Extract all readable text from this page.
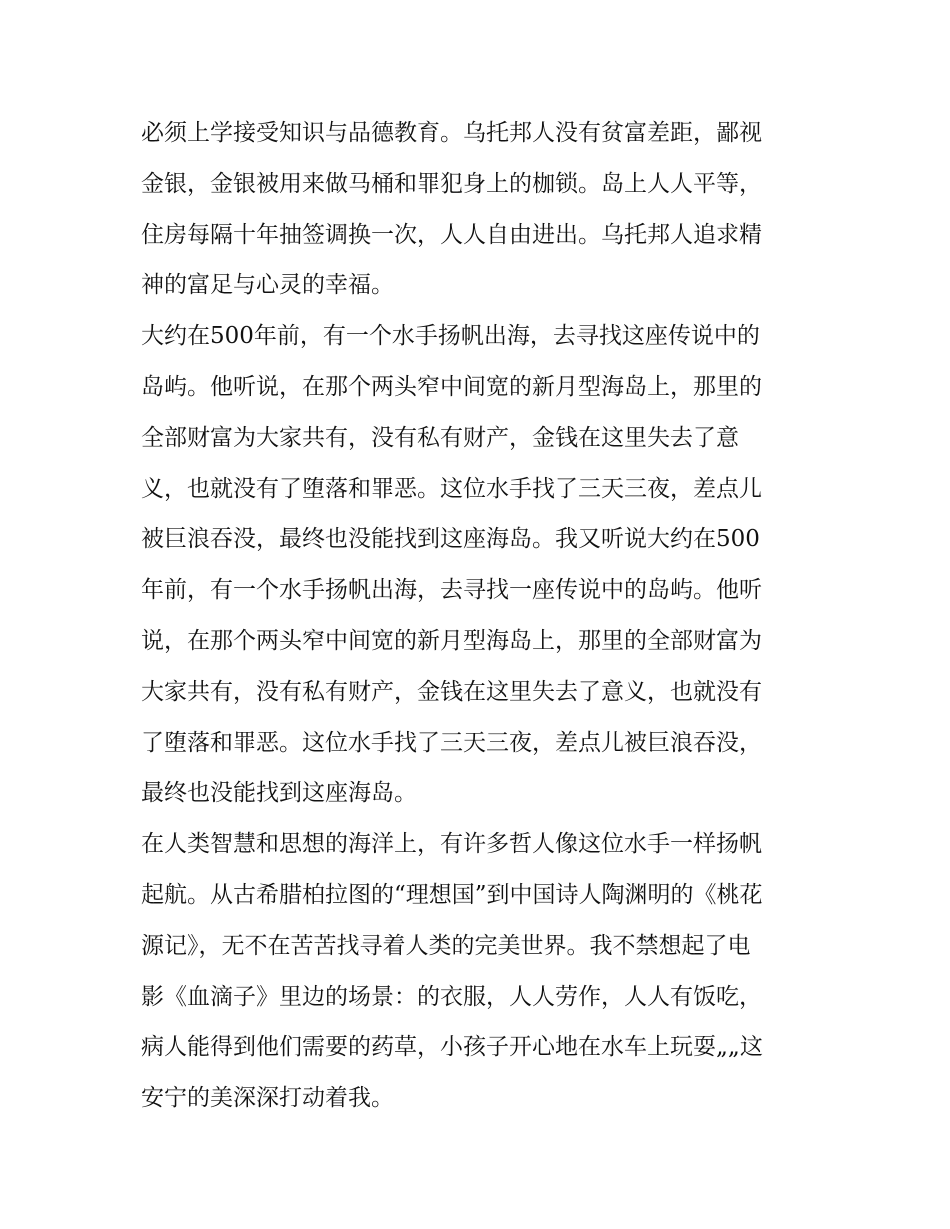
必须上学接受知识与品德教育。乌托邦人没有贫富差距，鄙视
金银，金银被用来做马桶和罪犯身上的枷锁。岛上人人平等，
住房每隔十年抽签调换一次，人人自由进出。乌托邦人追求精
神的富足与心灵的幸福。
大约在500年前，有一个水手扬帆出海，去寻找这座传说中的
岛屿。他听说，在那个两头窄中间宽的新月型海岛上，那里的
全部财富为大家共有，没有私有财产，金钱在这里失去了意
义，也就没有了堕落和罪恶。这位水手找了三天三夜，差点儿
被巨浪吞没，最终也没能找到这座海岛。我又听说大约在500
年前，有一个水手扬帆出海，去寻找一座传说中的岛屿。他听
说，在那个两头窄中间宽的新月型海岛上，那里的全部财富为
大家共有，没有私有财产，金钱在这里失去了意义，也就没有
了堕落和罪恶。这位水手找了三天三夜，差点儿被巨浪吞没，
最终也没能找到这座海岛。
在人类智慧和思想的海洋上，有许多哲人像这位水手一样扬帆
起航。从古希腊柏拉图的“理想国”到中国诗人陶渊明的《桃花
源记》，无不在苦苦找寻着人类的完美世界。我不禁想起了电
影《血滴子》里边的场景：的衣服，人人劳作，人人有饭吃，
病人能得到他们需要的药草，小孩子开心地在水车上玩耍„„这
安宁的美深深打动着我。
